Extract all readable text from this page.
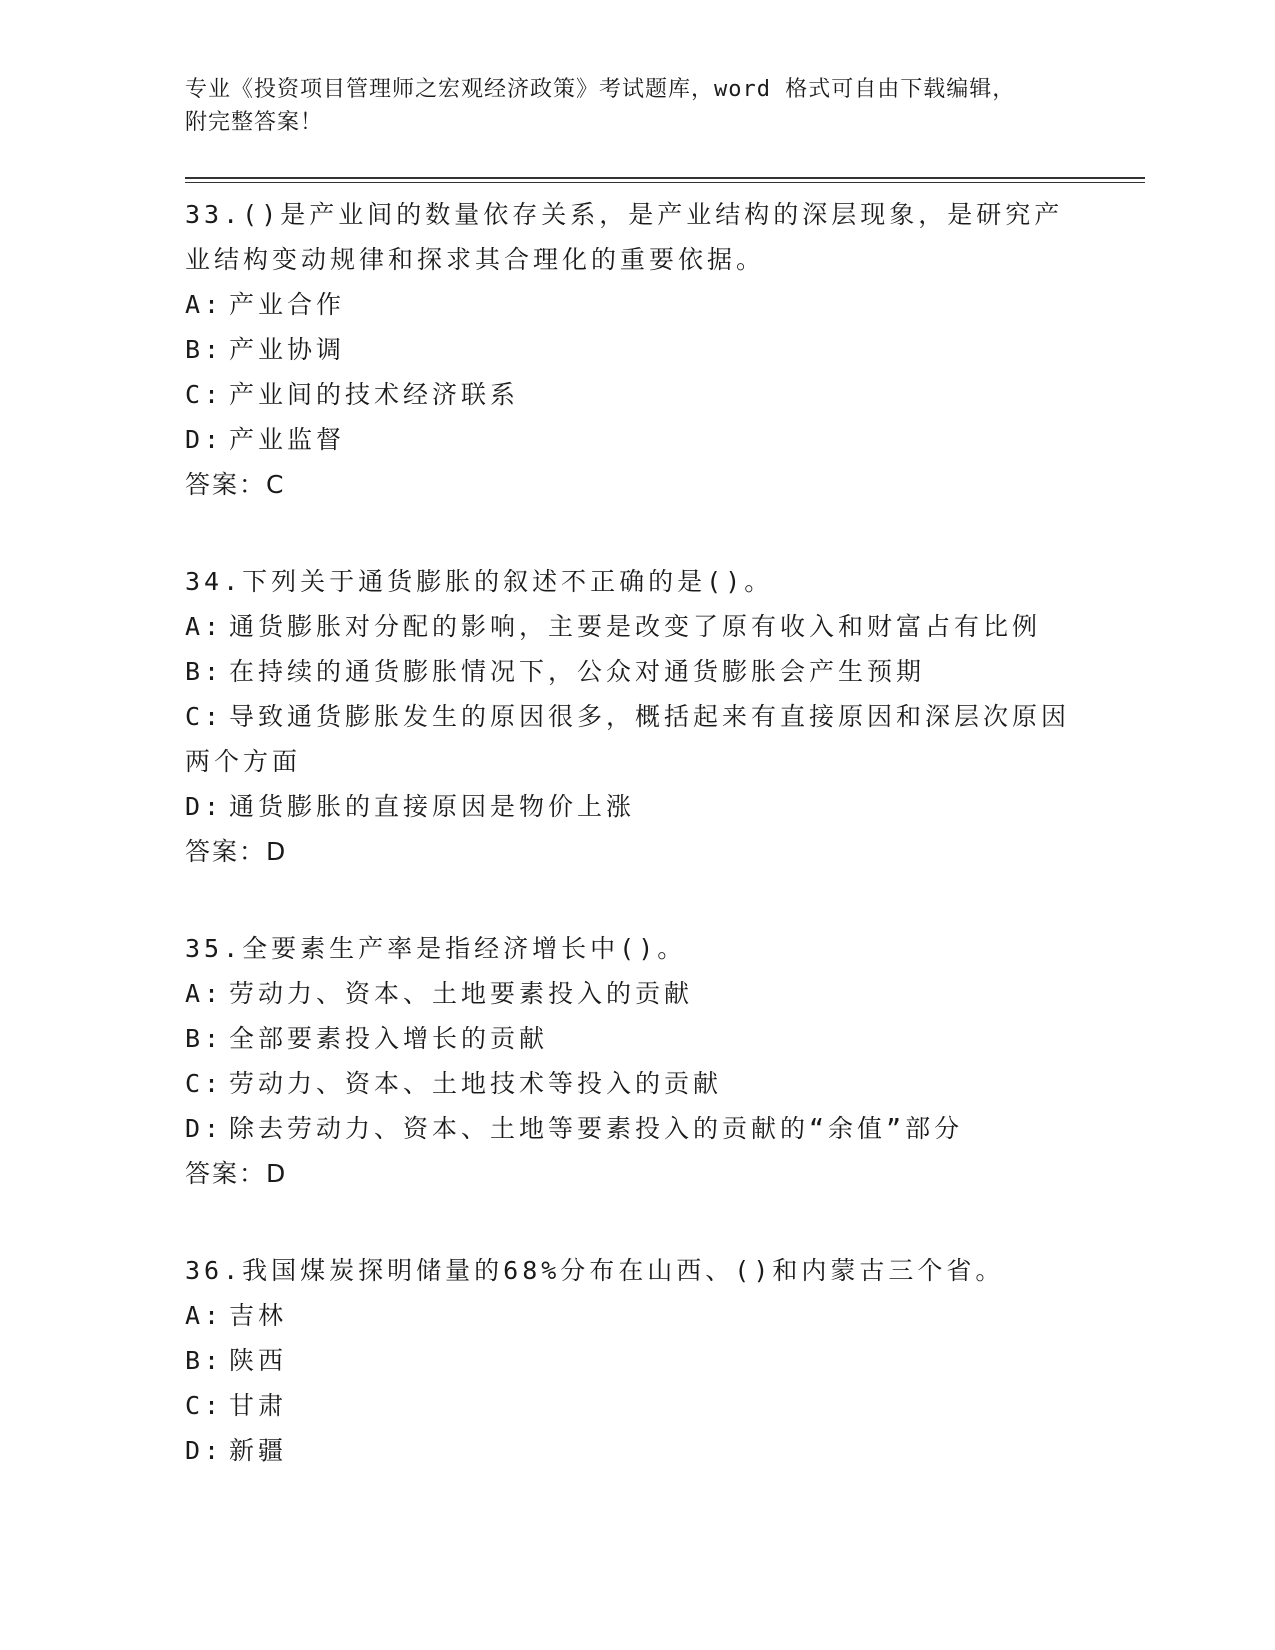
专业《投资项目管理师之宏观经济政策》考试题库，word 格式可自由下载编辑，
附完整答案！
33.()是产业间的数量依存关系，是产业结构的深层现象，是研究产业结构变动规律和探求其合理化的重要依据。
A: 产业合作
B: 产业协调
C: 产业间的技术经济联系
D: 产业监督
答案：C
34.下列关于通货膨胀的叙述不正确的是()。
A: 通货膨胀对分配的影响，主要是改变了原有收入和财富占有比例
B: 在持续的通货膨胀情况下，公众对通货膨胀会产生预期
C: 导致通货膨胀发生的原因很多，概括起来有直接原因和深层次原因两个方面
D: 通货膨胀的直接原因是物价上涨
答案：D
35.全要素生产率是指经济增长中()。
A: 劳动力、资本、土地要素投入的贡献
B: 全部要素投入增长的贡献
C: 劳动力、资本、土地技术等投入的贡献
D: 除去劳动力、资本、土地等要素投入的贡献的“余值”部分
答案：D
36.我国煤炭探明储量的68%分布在山西、()和内蒙古三个省。
A: 吉林
B: 陕西
C: 甘肃
D: 新疆
